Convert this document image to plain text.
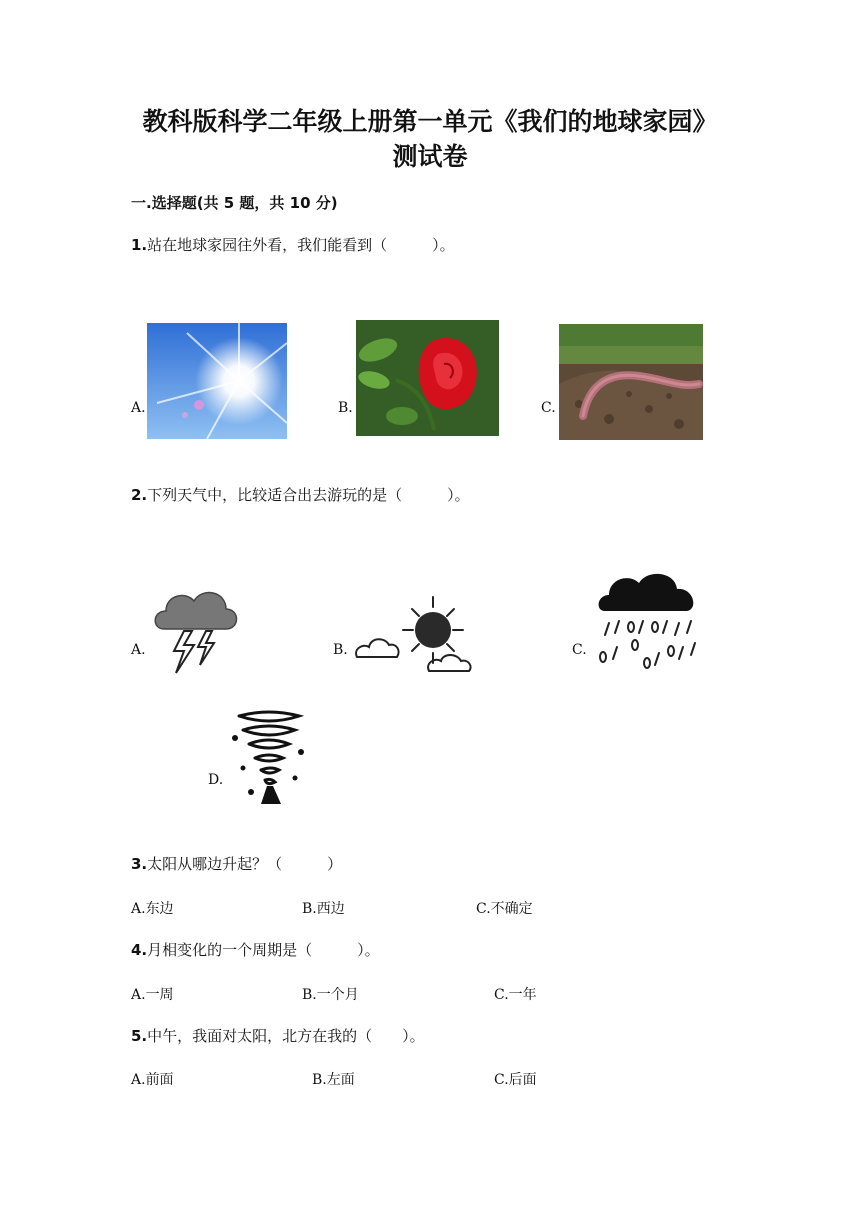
教科版科学二年级上册第一单元《我们的地球家园》
测试卷
一.选择题(共 5 题，共 10 分)
1.站在地球家园往外看，我们能看到（　　　）。
A.	B.	C.
2.下列天气中，比较适合出去游玩的是（　　　）。
A.	B.	C.
D.
3.太阳从哪边升起？（　　　）
A.东边	B.西边	C.不确定
4.月相变化的一个周期是（　　　）。
A.一周	B.一个月	C.一年
5.中午，我面对太阳，北方在我的（　　）。
A.前面	B.左面	C.后面
